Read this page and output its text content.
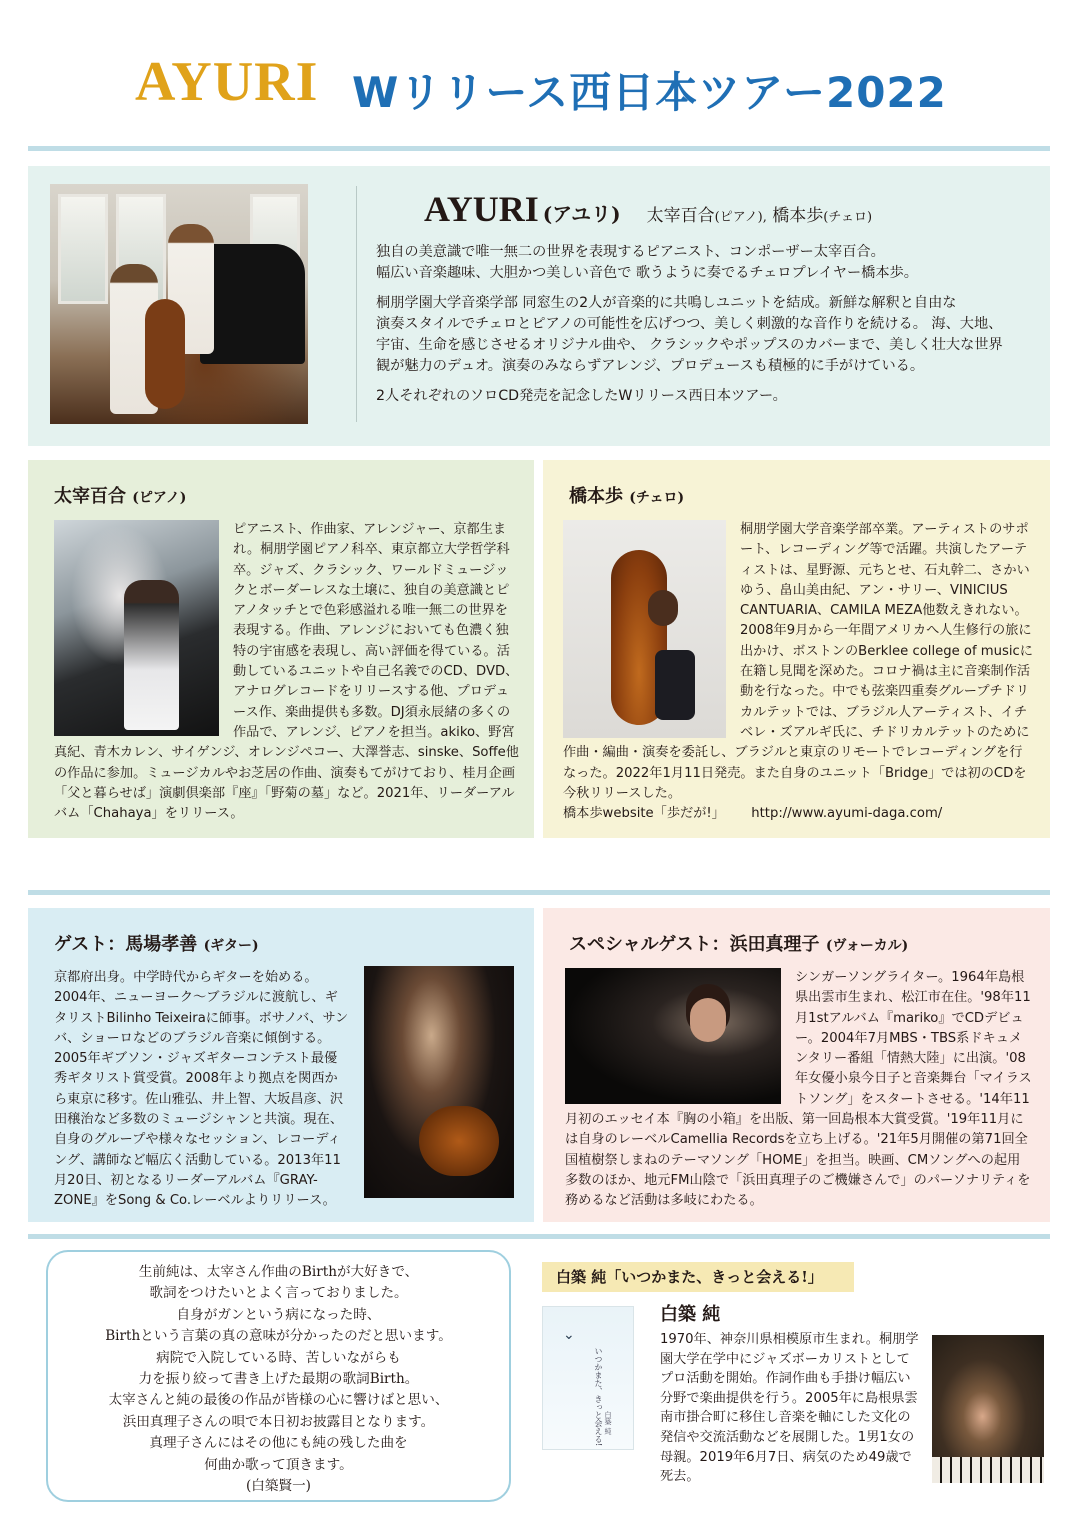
AYURI Wリリース西日本ツアー2022
AYURI (アユリ) 太宰百合(ピアノ), 橋本歩(チェロ)

独自の美意識で唯一無二の世界を表現するピアニスト、コンポーザー太宰百合。
幅広い音楽趣味、大胆かつ美しい音色で 歌うように奏でるチェロプレイヤー橋本歩。

桐朋学園大学音楽学部 同窓生の2人が音楽的に共鳴しユニットを結成。新鮮な解釈と自由な
演奏スタイルでチェロとピアノの可能性を広げつつ、美しく刺激的な音作りを続ける。 海、大地、
宇宙、生命を感じさせるオリジナル曲や、 クラシックやポップスのカバーまで、美しく壮大な世界
観が魅力のデュオ。演奏のみならずアレンジ、プロデュースも積極的に手がけている。

2人それぞれのソロCD発売を記念したWリリース西日本ツアー。

太宰百合 (ピアノ)
ピアニスト、作曲家、アレンジャー、京都生まれ。桐朋学園ピアノ科卒、東京都立大学哲学科卒。ジャズ、クラシック、ワールドミュージックとボーダーレスな土壌に、独自の美意識とピアノタッチとで色彩感溢れる唯一無二の世界を表現する。作曲、アレンジにおいても色濃く独特の宇宙感を表現し、高い評価を得ている。活動しているユニットや自己名義でのCD、DVD、アナログレコードをリリースする他、プロデュース作、楽曲提供も多数。DJ須永辰緒の多くの作品で、アレンジ、ピアノを担当。akiko、野宮真紀、青木カレン、サイゲンジ、オレンジペコー、大澤誉志、sinske、Soffe他の作品に参加。ミュージカルやお芝居の作曲、演奏もてがけており、桂月企画「父と暮らせば」演劇倶楽部『座』「野菊の墓」など。2021年、リーダーアルバム「Chahaya」をリリース。
橋本歩 (チェロ)
桐朋学園大学音楽学部卒業。アーティストのサポート、レコーディング等で活躍。共演したアーティストは、星野源、元ちとせ、石丸幹二、さかいゆう、畠山美由紀、アン・サリー、VINICIUS CANTUARIA、CAMILA MEZA他数えきれない。2008年9月から一年間アメリカへ人生修行の旅に出かけ、ボストンのBerklee college of musicに在籍し見聞を深めた。コロナ禍は主に音楽制作活動を行なった。中でも弦楽四重奏グループチドリカルテットでは、ブラジル人アーティスト、イチベレ・ズアルギ氏に、チドリカルテットのために作曲・編曲・演奏を委託し、ブラジルと東京のリモートでレコーディングを行なった。2022年1月11日発売。また自身のユニット「Bridge」では初のCDを今秋リリースした。
橋本歩website「歩だが!」 http://www.ayumi-daga.com/
ゲスト：馬場孝善 (ギター)
京都府出身。中学時代からギターを始める。2004年、ニューヨーク〜ブラジルに渡航し、ギタリストBilinho Teixeiraに師事。ボサノバ、サンバ、ショーロなどのブラジル音楽に傾倒する。2005年ギブソン・ジャズギターコンテスト最優秀ギタリスト賞受賞。2008年より拠点を関西から東京に移す。佐山雅弘、井上智、大坂昌彦、沢田穣治など多数のミュージシャンと共演。現在、自身のグループや様々なセッション、レコーディング、講師など幅広く活動している。2013年11月20日、初となるリーダーアルバム『GRAY-ZONE』をSong & Co.レーベルよりリリース。
スペシャルゲスト：浜田真理子 (ヴォーカル)
シンガーソングライター。1964年島根県出雲市生まれ、松江市在住。'98年11月1stアルバム『mariko』でCDデビュー。2004年7月MBS・TBS系ドキュメンタリー番組「情熱大陸」に出演。'08年女優小泉今日子と音楽舞台「マイラストソング」をスタートさせる。'14年11月初のエッセイ本『胸の小箱』を出版、第一回島根本大賞受賞。'19年11月には自身のレーベルCamellia Recordsを立ち上げる。'21年5月開催の第71回全国植樹祭しまねのテーマソング「HOME」を担当。映画、CMソングへの起用多数のほか、地元FM山陰で「浜田真理子のご機嫌さんで」のパーソナリティを務めるなど活動は多岐にわたる。
生前純は、太宰さん作曲のBirthが大好きで、
歌詞をつけたいとよく言っておりました。
自身がガンという病になった時、
Birthという言葉の真の意味が分かったのだと思います。
病院で入院している時、苦しいながらも
力を振り絞って書き上げた最期の歌詞Birth。
太宰さんと純の最後の作品が皆様の心に響けばと思い、
浜田真理子さんの唄で本日初お披露目となります。
真理子さんにはその他にも純の残した曲を
何曲か歌って頂きます。
(白築賢一)
白築 純「いつかまた、きっと会える!」
⌄
いつかまた、きっと会える! 白築 純
白築 純
1970年、神奈川県相模原市生まれ。桐朋学園大学在学中にジャズボーカリストとしてプロ活動を開始。作詞作曲も手掛け幅広い分野で楽曲提供を行う。2005年に島根県雲南市掛合町に移住し音楽を軸にした文化の発信や交流活動などを展開した。1男1女の母親。2019年6月7日、病気のため49歳で死去。
